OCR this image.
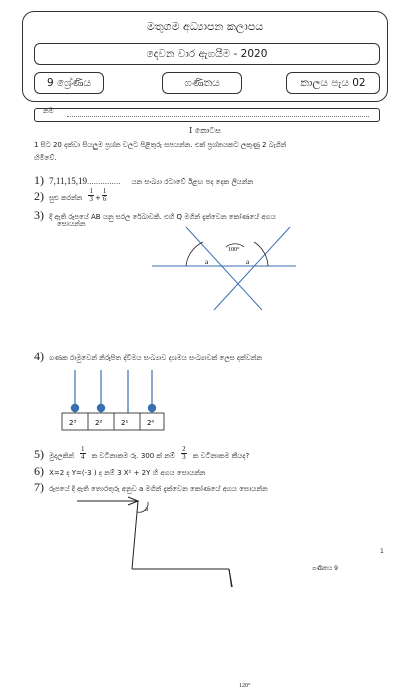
මතුගම අධ්‍යාපන කලාපය
දෙවන වාර ඇගයීම - 2020
9 ශ්‍රේණිය	ගණිතය	කාලය පැය 02
නම
I කොටස
1 සිට 20 දක්වා සියලුම ප්‍රශ්න වලට පිළිතුරු සපයන්න. එක් ප්‍රශ්නයකට ලකුණු 2 බැගින්
හිමිවේ.
1) 7,11,15,19............... යන සංඛ්‍යා රටාවේ ඊළඟ පද දෙක ලියන්න
2) සුළු කරන්න $\frac{1}{3} + \frac{1}{6}$
3) දී ඇති රූපයේ AB යනු සරල රේඛාවකි. එහි Q මගින් දැක්වෙන කෝණයේ අගය
සොයන්න
100°
a	a
2³	2²	2¹	2⁰
4) ගණක රාමුවෙන් නිරූපිත ද්විමය සංඛ්‍යාව දශමය සංඛ්‍යාවක් ලෙස දක්වන්න
5) මුදලකින් $\frac{1}{4}$ ක වටිනාකම රු. 300 ක් නම් $\frac{2}{3}$ ක වටිනාකම කීයද?
6) X=2 ද Y=(-3 ) ද නම් 3 X² + 2Y හි අගය සොයන්න
7) රූපයේ දී ඇති තොරතුරු අනුව a මගින් දැක්වෙන කෝණයේ අගය සොයන්න
a
120°
ගණිතය 9
1
